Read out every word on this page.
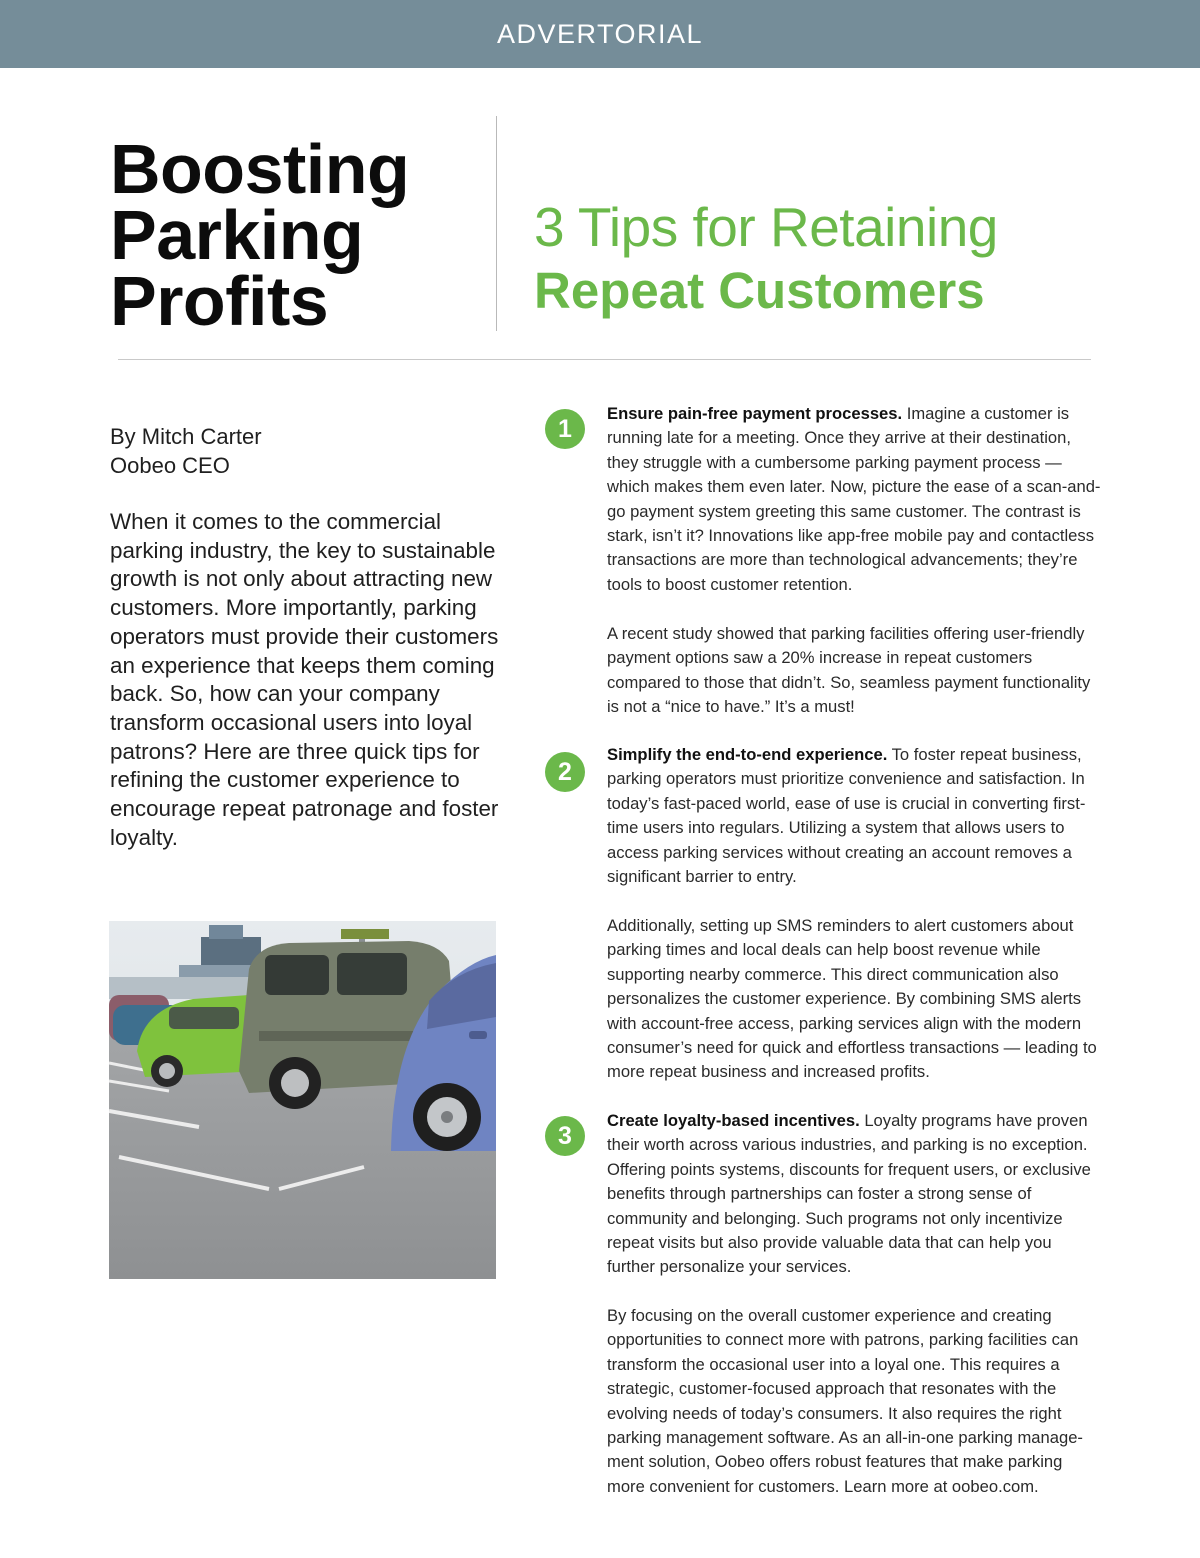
ADVERTORIAL
Boosting
Parking
Profits
3 Tips for Retaining
Repeat Customers
By Mitch Carter
Oobeo CEO

When it comes to the commercial parking industry, the key to sustainable growth is not only about attracting new customers. More importantly, parking operators must provide their customers an experience that keeps them coming back. So, how can your company transform occasional users into loyal patrons? Here are three quick tips for refining the customer experience to encourage repeat patronage and foster loyalty.

1

Ensure pain-free payment processes. Imagine a customer is running late for a meeting. Once they arrive at their destination, they struggle with a cumbersome parking payment process — which makes them even later. Now, picture the ease of a scan-and-go payment system greeting this same customer. The contrast is stark, isn’t it? Innovations like app-free mobile pay and contactless transactions are more than technological advancements; they’re tools to boost customer retention.

A recent study showed that parking facilities offering user-friendly payment options saw a 20% increase in repeat customers compared to those that didn’t. So, seamless payment functionality is not a “nice to have.” It’s a must!

2

Simplify the end-to-end experience. To foster repeat business, parking operators must prioritize convenience and satisfaction. In today’s fast-paced world, ease of use is crucial in converting first-time users into regulars. Utilizing a system that allows users to access parking services without creating an account removes a significant barrier to entry.

Additionally, setting up SMS reminders to alert customers about parking times and local deals can help boost revenue while supporting nearby commerce. This direct communication also personalizes the customer experience. By combining SMS alerts with account-free access, parking services align with the modern consumer’s need for quick and effortless transactions — leading to more repeat business and increased profits.

3

Create loyalty-based incentives. Loyalty programs have proven their worth across various industries, and parking is no exception. Offering points systems, discounts for frequent users, or exclusive benefits through partnerships can foster a strong sense of community and belonging. Such programs not only incentivize repeat visits but also provide valuable data that can help you further personalize your services.

By focusing on the overall customer experience and creating opportunities to connect more with patrons, parking facilities can transform the occasional user into a loyal one. This requires a strategic, customer-focused approach that resonates with the evolving needs of today’s consumers. It also requires the right parking management software. As an all-in-one parking manage-ment solution, Oobeo offers robust features that make parking more convenient for customers. Learn more at oobeo.com.
